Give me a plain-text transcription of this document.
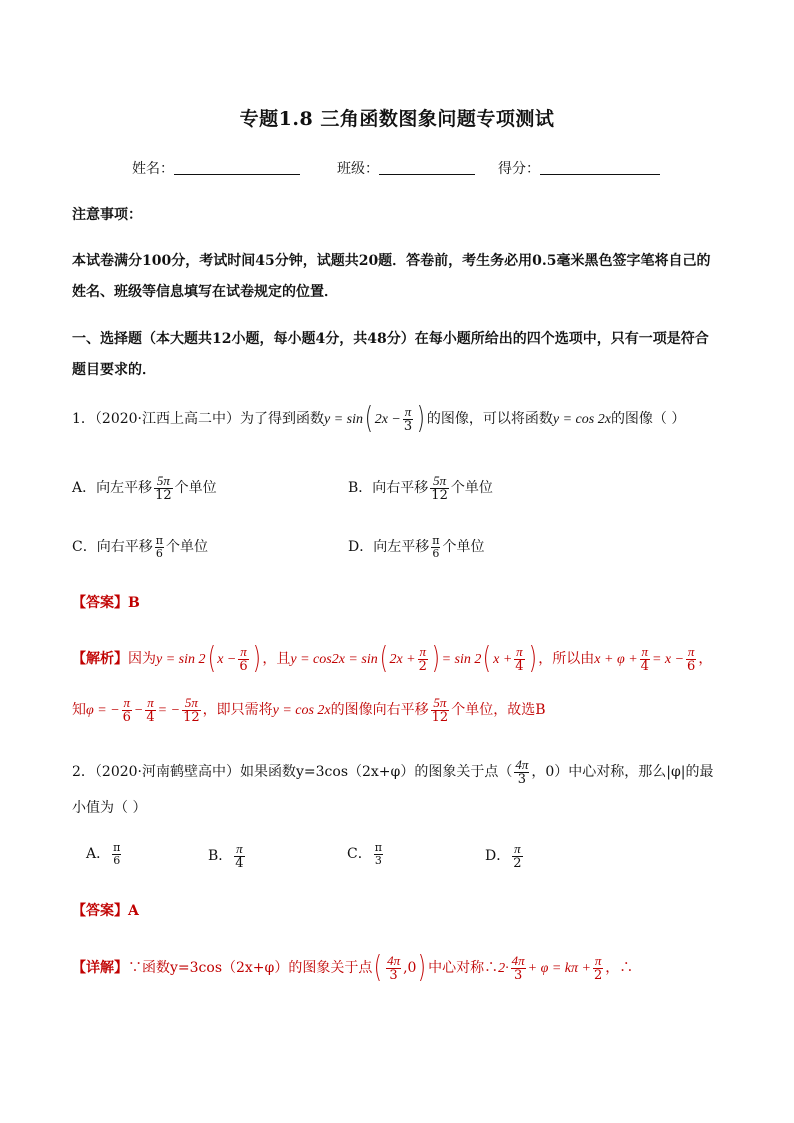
专题1.8 三角函数图象问题专项测试
姓名：	班级：	得分：
注意事项：
本试卷满分100分，考试时间45分钟，试题共20题．答卷前，考生务必用0.5毫米黑色签字笔将自己的
姓名、班级等信息填写在试卷规定的位置．
一、选择题（本大题共12小题，每小题4分，共48分）在每小题所给出的四个选项中，只有一项是符合
题目要求的．
1．（2020·江西上高二中）为了得到函数y = sin( $2x - \frac{\pi}{3}$ ) 的图像，可以将函数y = cos 2x的图像（ ）
A．向左平移 $\frac{5\pi}{12}$ 个单位	B．向右平移 $\frac{5\pi}{12}$ 个单位
C．向右平移 $\frac{\pi}{6}$ 个单位	D．向左平移 $\frac{\pi}{6}$ 个单位
【答案】B
【解析】因为y = sin 2( $x - \frac{\pi}{6}$ ) ，且y = cos2x = sin( $2x + \frac{\pi}{2}$ ) = sin 2( $x + \frac{\pi}{4}$ ) ，所以由$x + \varphi + \frac{\pi}{4} = x - \frac{\pi}{6}$ ，
知φ = − $\frac{\pi}{6} - \frac{\pi}{4}$ = − $\frac{5\pi}{12}$ ，即只需将y = cos 2x的图像向右平移 $\frac{5\pi}{12}$ 个单位，故选B
2．（2020·河南鹤壁高中）如果函数y=3cos（2x+φ）的图象关于点（ $\frac{4\pi}{3}$ ，0）中心对称，那么|φ|的最
小值为（ ）
A． $\frac{\pi}{6}$	B． $\frac{\pi}{4}$	C． $\frac{\pi}{3}$	D． $\frac{\pi}{2}$
【答案】A
【详解】∵函数y=3cos（2x+φ）的图象关于点( $\frac{4\pi}{3} ,0$) 中心对称∴2· $\frac{4\pi}{3} + \varphi = k\pi + \frac{\pi}{2}$ ，∴
